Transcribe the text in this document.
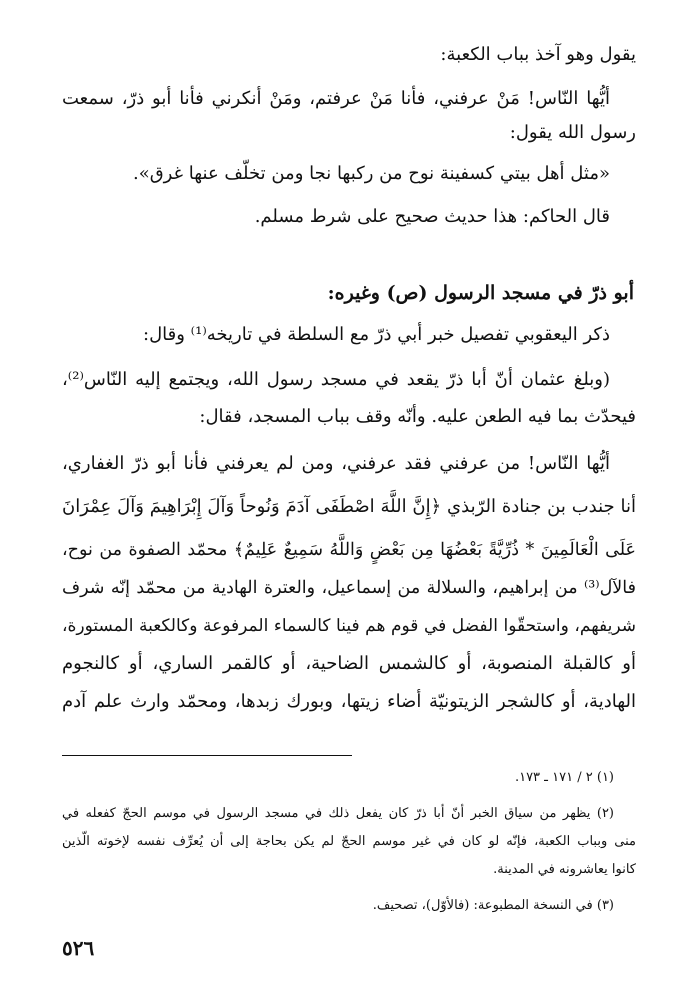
يقول وهو آخذ بباب الكعبة:

أيُّها النّاس! مَنْ عرفني، فأنا مَنْ عرفتم، ومَنْ أنكرني فأنا أبو ذرّ، سمعت

رسول الله يقول:

«مثل أهل بيتي كسفينة نوح من ركبها نجا ومن تخلّف عنها غرق».

قال الحاكم: هذا حديث صحيح على شرط مسلم.

أبو ذرّ في مسجد الرسول (ص) وغيره:

ذكر اليعقوبي تفصيل خبر أبي ذرّ مع السلطة في تاريخه⁽¹⁾ وقال:

(وبلغ عثمان أنّ أبا ذرّ يقعد في مسجد رسول الله، ويجتمع إليه النّاس⁽²⁾،

فيحدّث بما فيه الطعن عليه. وأنّه وقف بباب المسجد، فقال:

أيُّها النّاس! من عرفني فقد عرفني، ومن لم يعرفني فأنا أبو ذرّ الغفاري،

أنا جندب بن جنادة الرّبذي ﴿إِنَّ اللَّهَ اصْطَفَى آدَمَ وَنُوحاً وَآلَ إِبْرَاهِيمَ وَآلَ عِمْرَانَ

عَلَى الْعَالَمِينَ * ذُرِّيَّةً بَعْضُهَا مِن بَعْضٍ وَاللَّهُ سَمِيعٌ عَلِيمٌ﴾ محمّد الصفوة من نوح،

فالآل⁽³⁾ من إبراهيم، والسلالة من إسماعيل، والعترة الهادية من محمّد إنّه شرف

شريفهم، واستحقّوا الفضل في قوم هم فينا كالسماء المرفوعة وكالكعبة المستورة،

أو كالقبلة المنصوبة، أو كالشمس الضاحية، أو كالقمر الساري، أو كالنجوم

الهادية، أو كالشجر الزيتونيّة أضاء زيتها، وبورك زبدها، ومحمّد وارث علم آدم

(١) ٢ / ١٧١ ـ ١٧٣.
(٢) يظهر من سياق الخبر أنّ أبا ذرّ كان يفعل ذلك في مسجد الرسول في موسم الحجّ كفعله في
منى وبباب الكعبة، فإنّه لو كان في غير موسم الحجّ لم يكن بحاجة إلى أن يُعرِّف نفسه لإخوته الّذين
كانوا يعاشرونه في المدينة.
(٣) في النسخة المطبوعة: (فالأوّل)، تصحيف.
٥٢٦
